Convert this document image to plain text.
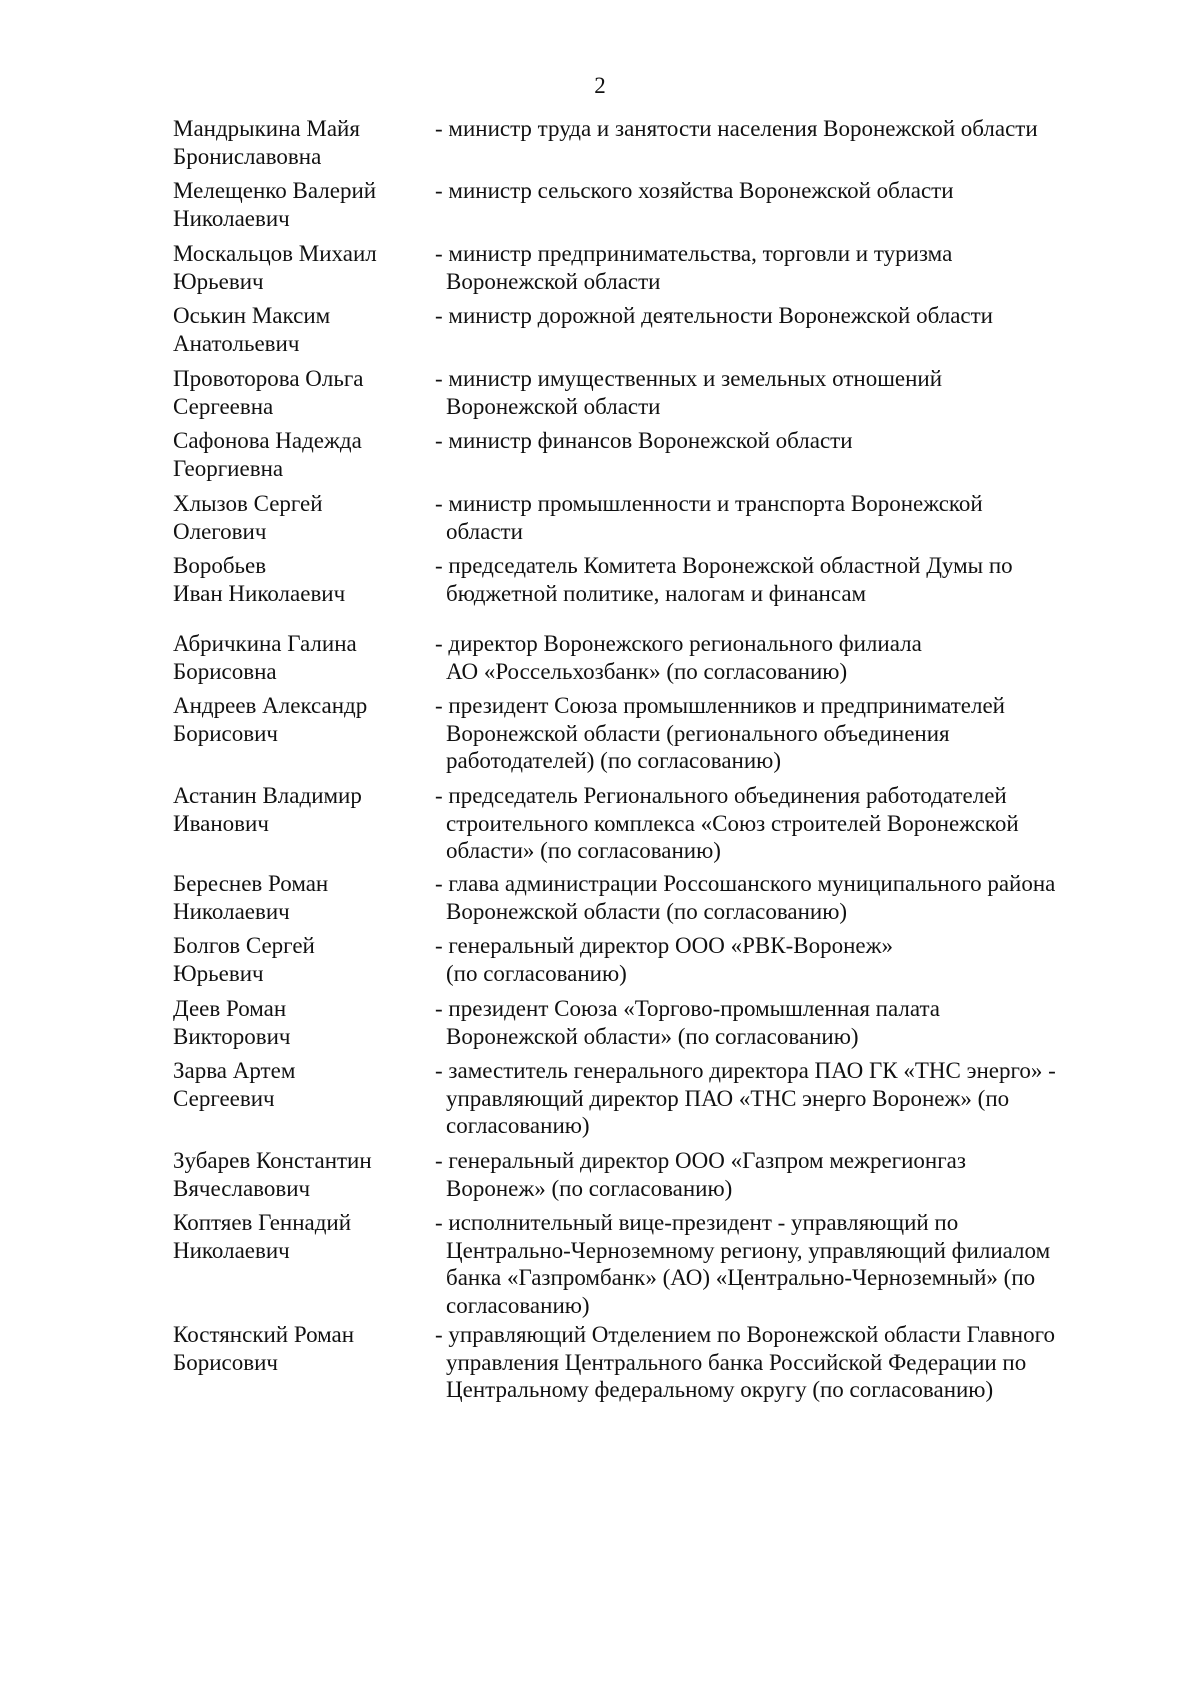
2
Мандрыкина Майя
Брониславовна
- министр труда и занятости населения Воронежской области
Мелещенко Валерий
Николаевич
- министр сельского хозяйства Воронежской области
Москальцов Михаил
Юрьевич
- министр предпринимательства, торговли и туризма
Воронежской области
Оськин Максим
Анатольевич
- министр дорожной деятельности Воронежской области
Провоторова Ольга
Сергеевна
- министр имущественных и земельных отношений
Воронежской области
Сафонова Надежда
Георгиевна
- министр финансов Воронежской области
Хлызов Сергей
Олегович
- министр промышленности и транспорта Воронежской
области
Воробьев
Иван Николаевич
- председатель Комитета Воронежской областной Думы по
бюджетной политике, налогам и финансам
Абричкина Галина
Борисовна
- директор Воронежского регионального филиала
АО «Россельхозбанк» (по согласованию)
Андреев Александр
Борисович
- президент Союза промышленников и предпринимателей
Воронежской области (регионального объединения
работодателей) (по согласованию)
Астанин Владимир
Иванович
- председатель Регионального объединения работодателей
строительного комплекса «Союз строителей Воронежской
области» (по согласованию)
Береснев Роман
Николаевич
- глава администрации Россошанского муниципального района
Воронежской области (по согласованию)
Болгов Сергей
Юрьевич
- генеральный директор ООО «РВК-Воронеж»
(по согласованию)
Деев Роман
Викторович
- президент Союза «Торгово-промышленная палата
Воронежской области» (по согласованию)
Зарва Артем
Сергеевич
- заместитель генерального директора ПАО ГК «ТНС энерго» -
управляющий директор ПАО «ТНС энерго Воронеж» (по
согласованию)
Зубарев Константин
Вячеславович
- генеральный директор ООО «Газпром межрегионгаз
Воронеж» (по согласованию)
Коптяев Геннадий
Николаевич
- исполнительный вице-президент - управляющий по
Центрально-Черноземному региону, управляющий филиалом
банка «Газпромбанк» (АО) «Центрально-Черноземный» (по
согласованию)
Костянский Роман
Борисович
- управляющий Отделением по Воронежской области Главного
управления Центрального банка Российской Федерации по
Центральному федеральному округу (по согласованию)
